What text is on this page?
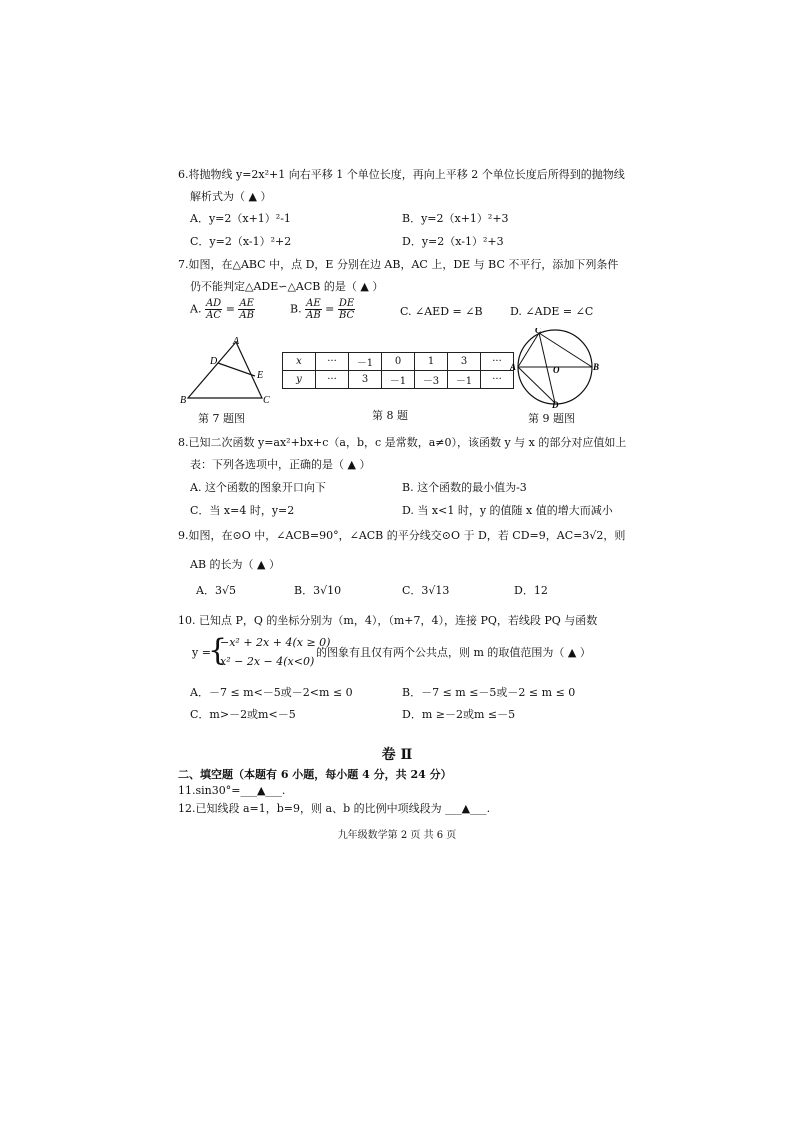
6.将抛物线 y=2x²+1 向右平移 1 个单位长度，再向上平移 2 个单位长度后所得到的抛物线
解析式为（ ▲ ）
A．y=2（x+1）²-1	B．y=2（x+1）²+3
C．y=2（x-1）²+2	D．y=2（x-1）²+3
7.如图，在△ABC 中，点 D，E 分别在边 AB，AC 上，DE 与 BC 不平行，添加下列条件
仍不能判定△ADE∽△ACB 的是（ ▲ ）
A. $\frac{AD}{AC} = \frac{AE}{AB}$	B. $\frac{AE}{AB} = \frac{DE}{BC}$	C. ∠AED = ∠B D. ∠ADE = ∠C
A
D
E
B	C
第 7 题图
x	···	－1	0	1	3	···
y	···	3	－1	－3	－1	···
第 8 题
C
A	B
O
D
第 9 题图
8.已知二次函数 y=ax²+bx+c（a，b，c 是常数，a≠0），该函数 y 与 x 的部分对应值如上
表：下列各选项中，正确的是（ ▲ ）
A. 这个函数的图象开口向下	B. 这个函数的最小值为-3
C．当 x=4 时，y=2	D. 当 x<1 时，y 的值随 x 值的增大而减小
9.如图，在⊙O 中，∠ACB=90°，∠ACB 的平分线交⊙O 于 D，若 CD=9，AC=3√2，则
AB 的长为（ ▲ ）
A．3√5	B．3√10	C．3√13	D．12
10. 已知点 P，Q 的坐标分别为（m，4），（m+7，4），连接 PQ，若线段 PQ 与函数
y =
{
−x² + 2x + 4(x ≥ 0)
x² − 2x − 4(x<0)
的图象有且仅有两个公共点，则 m 的取值范围为（ ▲ ）
A．－7 ≤ m<－5或－2<m ≤ 0	B．－7 ≤ m ≤－5或－2 ≤ m ≤ 0
C．m>－2或m<－5	D．m ≥－2或m ≤－5
卷 Ⅱ
二、填空题（本题有 6 小题，每小题 4 分，共 24 分）
11.sin30°=___▲___.
12.已知线段 a=1，b=9，则 a、b 的比例中项线段为 ___▲___.
九年级数学第 2 页 共 6 页
